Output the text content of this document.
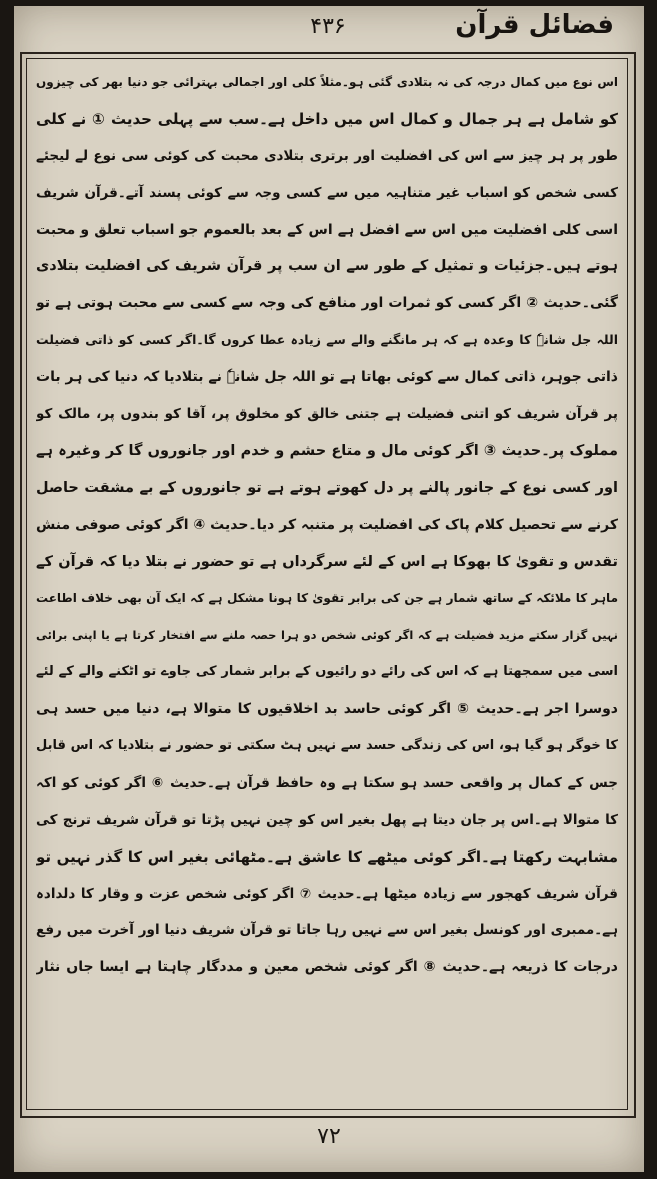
۴۳۶	فضائل قرآن
اس نوع میں کمال درجہ کی نہ بتلادی گئی ہو۔مثلاً کلی اور اجمالی بہترائی جو دنیا بھر کی چیزوں
کو شامل ہے ہر جمال و کمال اس میں داخل ہے۔سب سے پہلی حدیث ① نے کلی
طور پر ہر چیز سے اس کی افضلیت اور برتری بتلادی محبت کی کوئی سی نوع لے لیجئے
کسی شخص کو اسباب غیر متناہیہ میں سے کسی وجہ سے کوئی پسند آتے۔قرآن شریف
اسی کلی افضلیت میں اس سے افضل ہے اس کے بعد بالعموم جو اسباب تعلق و محبت
ہوتے ہیں۔جزئیات و تمثیل کے طور سے ان سب پر قرآن شریف کی افضلیت بتلادی
گئی۔حدیث ② اگر کسی کو ثمرات اور منافع کی وجہ سے کسی سے محبت ہوتی ہے تو
اللہ جل شانہٗ کا وعدہ ہے کہ ہر مانگنے والے سے زیادہ عطا کروں گا۔اگر کسی کو ذاتی فضیلت
ذاتی جوہر، ذاتی کمال سے کوئی بھاتا ہے تو اللہ جل شانہٗ نے بتلادیا کہ دنیا کی ہر بات
پر قرآن شریف کو اتنی فضیلت ہے جتنی خالق کو مخلوق پر، آقا کو بندوں پر، مالک کو
مملوک پر۔حدیث ③ اگر کوئی مال و متاع حشم و خدم اور جانوروں گا کر وغیرہ ہے
اور کسی نوع کے جانور پالنے پر دل کھوتے ہوتے ہے تو جانوروں کے بے مشقت حاصل
کرنے سے تحصیل کلام پاک کی افضلیت پر متنبہ کر دیا۔حدیث ④ اگر کوئی صوفی منش
تقدس و تقویٰ کا بھوکا ہے اس کے لئے سرگرداں ہے تو حضور نے بتلا دیا کہ قرآن کے
ماہر کا ملائکہ کے ساتھ شمار ہے جن کی برابر تقویٰ کا ہونا مشکل ہے کہ ایک آن بھی خلاف اطاعت
نہیں گزار سکتے مزید فضیلت ہے کہ اگر کوئی شخص دو ہرا حصہ ملنے سے افتخار کرتا ہے یا اپنی برائی
اسی میں سمجھتا ہے کہ اس کی رائے دو رائیوں کے برابر شمار کی جاوے تو اٹکنے والے کے لئے
دوسرا اجر ہے۔حدیث ⑤ اگر کوئی حاسد بد اخلاقیوں کا متوالا ہے، دنیا میں حسد ہی
کا خوگر ہو گیا ہو، اس کی زندگی حسد سے نہیں ہٹ سکتی تو حضور نے بتلادیا کہ اس قابل
جس کے کمال پر واقعی حسد ہو سکتا ہے وہ حافظ قرآن ہے۔حدیث ⑥ اگر کوئی کو اکہ
کا متوالا ہے۔اس پر جان دیتا ہے پھل بغیر اس کو چین نہیں پڑتا تو قرآن شریف ترنج کی
مشابہت رکھتا ہے۔اگر کوئی میٹھے کا عاشق ہے۔مٹھائی بغیر اس کا گذر نہیں تو
قرآن شریف کھجور سے زیادہ میٹھا ہے۔حدیث ⑦ اگر کوئی شخص عزت و وقار کا دلدادہ
ہے۔ممبری اور کونسل بغیر اس سے نہیں رہا جاتا تو قرآن شریف دنیا اور آخرت میں رفع
درجات کا ذریعہ ہے۔حدیث ⑧ اگر کوئی شخص معین و مددگار چاہتا ہے ایسا جاں نثار
۷۲
